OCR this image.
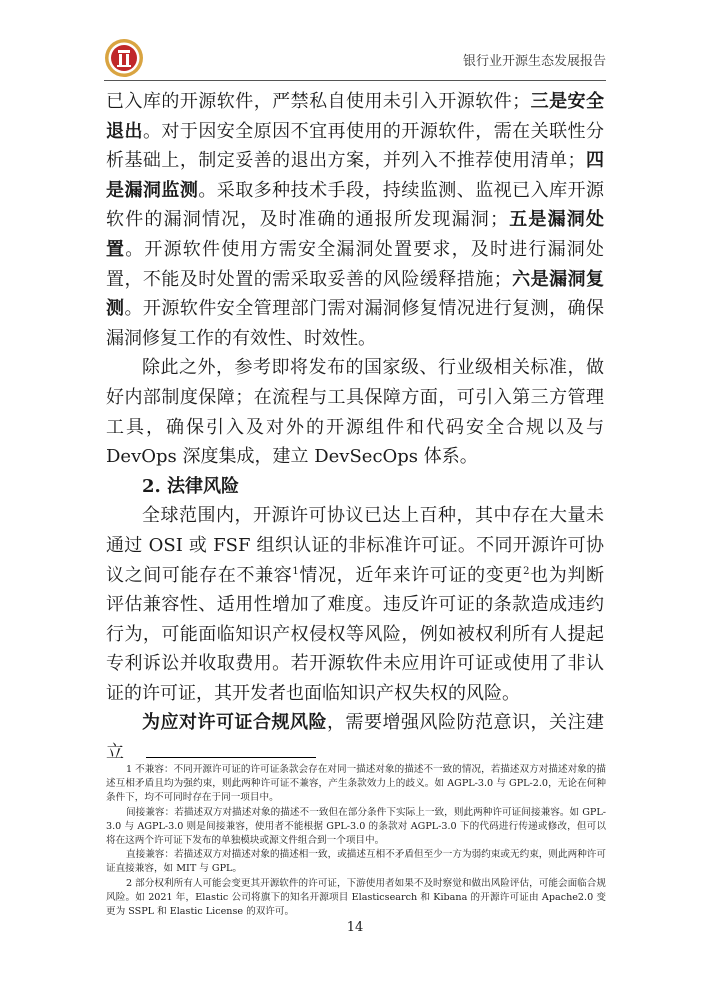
银行业开源生态发展报告

已入库的开源软件，严禁私自使用未引入开源软件；三是安全退出。对于因安全原因不宜再使用的开源软件，需在关联性分析基础上，制定妥善的退出方案，并列入不推荐使用清单；四是漏洞监测。采取多种技术手段，持续监测、监视已入库开源软件的漏洞情况，及时准确的通报所发现漏洞；五是漏洞处置。开源软件使用方需安全漏洞处置要求，及时进行漏洞处置，不能及时处置的需采取妥善的风险缓释措施；六是漏洞复测。开源软件安全管理部门需对漏洞修复情况进行复测，确保漏洞修复工作的有效性、时效性。

除此之外，参考即将发布的国家级、行业级相关标准，做好内部制度保障；在流程与工具保障方面，可引入第三方管理工具，确保引入及对外的开源组件和代码安全合规以及与 DevOps 深度集成，建立 DevSecOps 体系。

2. 法律风险

全球范围内，开源许可协议已达上百种，其中存在大量未通过 OSI 或 FSF 组织认证的非标准许可证。不同开源许可协议之间可能存在不兼容$^1$情况，近年来许可证的变更$^2$也为判断评估兼容性、适用性增加了难度。违反许可证的条款造成违约行为，可能面临知识产权侵权等风险，例如被权利所有人提起专利诉讼并收取费用。若开源软件未应用许可证或使用了非认证的许可证，其开发者也面临知识产权失权的风险。

为应对许可证合规风险，需要增强风险防范意识，关注建立

1 不兼容：不同开源许可证的许可证条款会存在对同一描述对象的描述不一致的情况，若描述双方对描述对象的描述互相矛盾且均为强约束，则此两种许可证不兼容，产生条款效力上的歧义。如 AGPL-3.0 与 GPL-2.0，无论在何种条件下，均不可同时存在于同一项目中。

间接兼容：若描述双方对描述对象的描述不一致但在部分条件下实际上一致，则此两种许可证间接兼容。如 GPL-3.0 与 AGPL-3.0 则是间接兼容，使用者不能根据 GPL-3.0 的条款对 AGPL-3.0 下的代码进行传递或修改，但可以将在这两个许可证下发布的单独模块或源文件组合到一个项目中。

直接兼容：若描述双方对描述对象的描述相一致，或描述互相不矛盾但至少一方为弱约束或无约束，则此两种许可证直接兼容，如 MIT 与 GPL。

2 部分权利所有人可能会变更其开源软件的许可证，下游使用者如果不及时察觉和做出风险评估，可能会面临合规风险。如 2021 年，Elastic 公司将旗下的知名开源项目 Elasticsearch 和 Kibana 的开源许可证由 Apache2.0 变更为 SSPL 和 Elastic License 的双许可。

14
